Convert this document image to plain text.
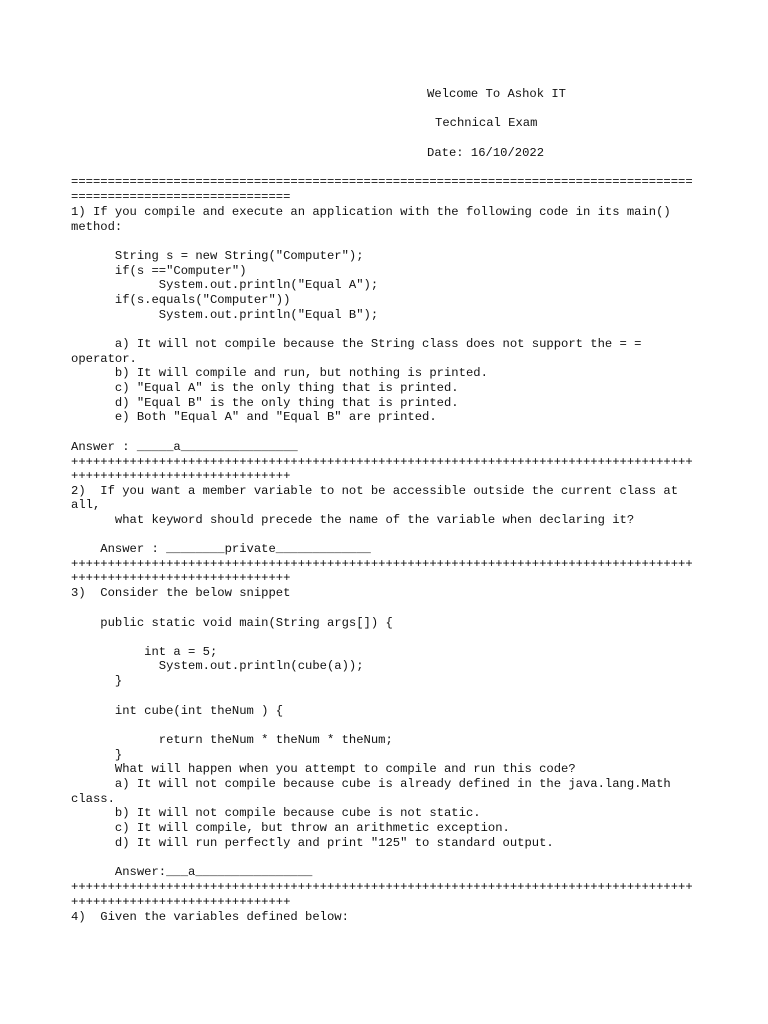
Welcome To Ashok IT
Technical Exam
Date: 16/10/2022
=====================================================================================
==============================
1) If you compile and execute an application with the following code in its main()
method:
String s = new String("Computer");
if(s =="Computer")
System.out.println("Equal A");
if(s.equals("Computer"))
System.out.println("Equal B");
a) It will not compile because the String class does not support the = =
operator.
b) It will compile and run, but nothing is printed.
c) "Equal A" is the only thing that is printed.
d) "Equal B" is the only thing that is printed.
e) Both "Equal A" and "Equal B" are printed.
Answer : _____a________________
+++++++++++++++++++++++++++++++++++++++++++++++++++++++++++++++++++++++++++++++++++++
++++++++++++++++++++++++++++++
2)  If you want a member variable to not be accessible outside the current class at
all,
what keyword should precede the name of the variable when declaring it?
Answer : ________private_____________
+++++++++++++++++++++++++++++++++++++++++++++++++++++++++++++++++++++++++++++++++++++
++++++++++++++++++++++++++++++
3)  Consider the below snippet
public static void main(String args[]) {
int a = 5;
System.out.println(cube(a));
}
int cube(int theNum ) {
return theNum * theNum * theNum;
}
What will happen when you attempt to compile and run this code?
a) It will not compile because cube is already defined in the java.lang.Math
class.
b) It will not compile because cube is not static.
c) It will compile, but throw an arithmetic exception.
d) It will run perfectly and print "125" to standard output.
Answer:___a________________
+++++++++++++++++++++++++++++++++++++++++++++++++++++++++++++++++++++++++++++++++++++
++++++++++++++++++++++++++++++
4)  Given the variables defined below:
